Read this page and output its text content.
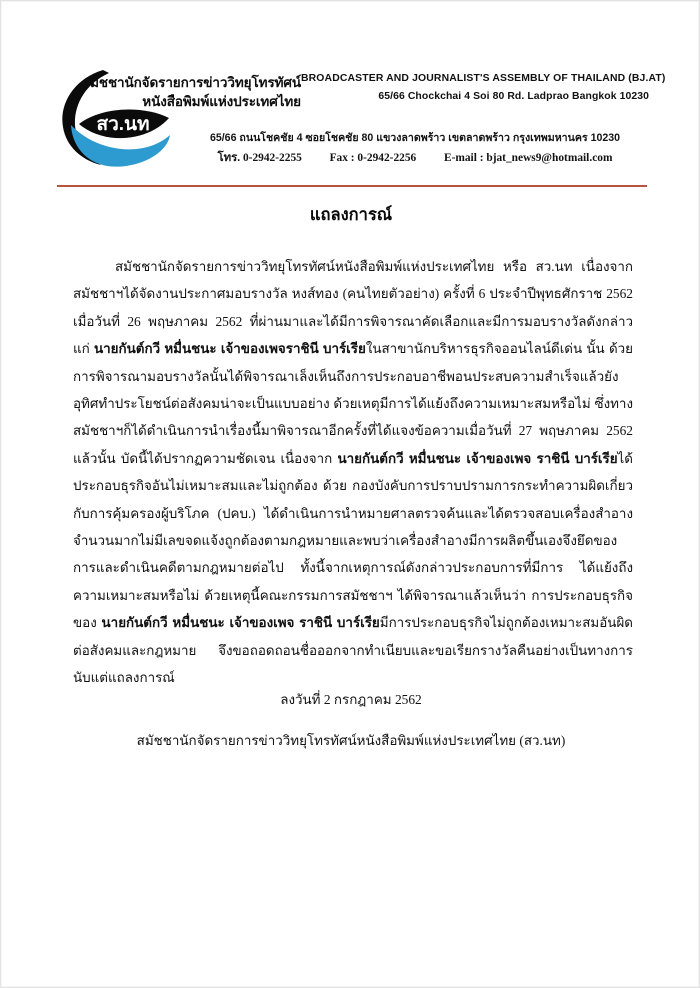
สว.นท
สมัชชานักจัดรายการข่าววิทยุโทรทัศน์
หนังสือพิมพ์แห่งประเทศไทย
BROADCASTER AND JOURNALIST'S ASSEMBLY OF THAILAND (BJ.AT)
65/66 Chockchai 4 Soi 80 Rd. Ladprao Bangkok 10230
65/66 ถนนโชคชัย 4 ซอยโชคชัย 80 แขวงลาดพร้าว เขตลาดพร้าว กรุงเทพมหานคร 10230
โทร. 0-2942-2255 Fax : 0-2942-2256 E-mail : bjat_news9@hotmail.com
แถลงการณ์
สมัชชานักจัดรายการข่าววิทยุโทรทัศน์หนังสือพิมพ์แห่งประเทศไทย หรือ สว.นท เนื่องจากสมัชชาฯได้จัดงานประกาศมอบรางวัล หงส์ทอง (คนไทยตัวอย่าง) ครั้งที่ 6 ประจำปีพุทธศักราช 2562 เมื่อวันที่ 26 พฤษภาคม 2562 ที่ผ่านมาและได้มีการพิจารณาคัดเลือกและมีการมอบรางวัลดังกล่าว แก่ นายกันต์กวี หมื่นชนะ เจ้าของเพจราชินี บาร์เรียในสาขานักบริหารธุรกิจออนไลน์ดีเด่น นั้น ด้วยการพิจารณามอบรางวัลนั้นได้พิจารณาเล็งเห็นถึงการประกอบอาชีพอนประสบความสำเร็จแล้วยังอุทิศทำประโยชน์ต่อสังคมน่าจะเป็นแบบอย่าง ด้วยเหตุมีการได้แย้งถึงความเหมาะสมหรือไม่ ซึ่งทางสมัชชาฯก็ได้ดำเนินการนำเรื่องนี้มาพิจารณาอีกครั้งที่ได้แจงข้อความเมื่อวันที่ 27 พฤษภาคม 2562 แล้วนั้น บัดนี้ได้ปรากฏความชัดเจน เนื่องจาก นายกันต์กวี หมื่นชนะ เจ้าของเพจ ราชินี บาร์เรียได้ประกอบธุรกิจอันไม่เหมาะสมและไม่ถูกต้อง ด้วย กองบังคับการปราบปรามการกระทำความผิดเกี่ยวกับการคุ้มครองผู้บริโภค (ปคบ.) ได้ดำเนินการนำหมายศาลตรวจค้นและได้ตรวจสอบเครื่องสำอางจำนวนมากไม่มีเลขจดแจ้งถูกต้องตามกฎหมายและพบว่าเครื่องสำอางมีการผลิตขึ้นเองจึงยึดของการและดำเนินคดีตามกฎหมายต่อไป ทั้งนี้จากเหตุการณ์ดังกล่าวประกอบการที่มีการ ได้แย้งถึงความเหมาะสมหรือไม่ ด้วยเหตุนี้คณะกรรมการสมัชชาฯ ได้พิจารณาแล้วเห็นว่า การประกอบธุรกิจของ นายกันต์กวี หมื่นชนะ เจ้าของเพจ ราชินี บาร์เรียมีการประกอบธุรกิจไม่ถูกต้องเหมาะสมอันผิดต่อสังคมและกฎหมาย จึงขอถอดถอนชื่อออกจากทำเนียบและขอเรียกรางวัลคืนอย่างเป็นทางการ นับแต่แถลงการณ์
ลงวันที่ 2 กรกฎาคม 2562
สมัชชานักจัดรายการข่าววิทยุโทรทัศน์หนังสือพิมพ์แห่งประเทศไทย (สว.นท)
